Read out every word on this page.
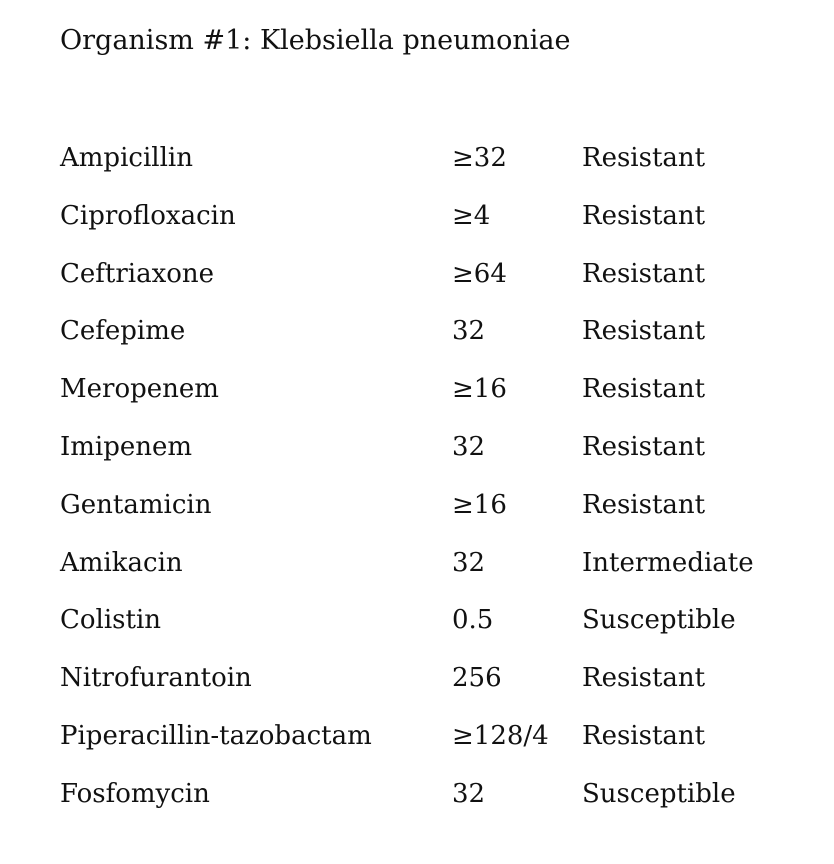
Organism #1: Klebsiella pneumoniae
Ampicillin	≥32	Resistant
Ciprofloxacin	≥4	Resistant
Ceftriaxone	≥64	Resistant
Cefepime	32	Resistant
Meropenem	≥16	Resistant
Imipenem	32	Resistant
Gentamicin	≥16	Resistant
Amikacin	32	Intermediate
Colistin	0.5	Susceptible
Nitrofurantoin	256	Resistant
Piperacillin-tazobactam	≥128/4 Resistant
Fosfomycin	32	Susceptible
